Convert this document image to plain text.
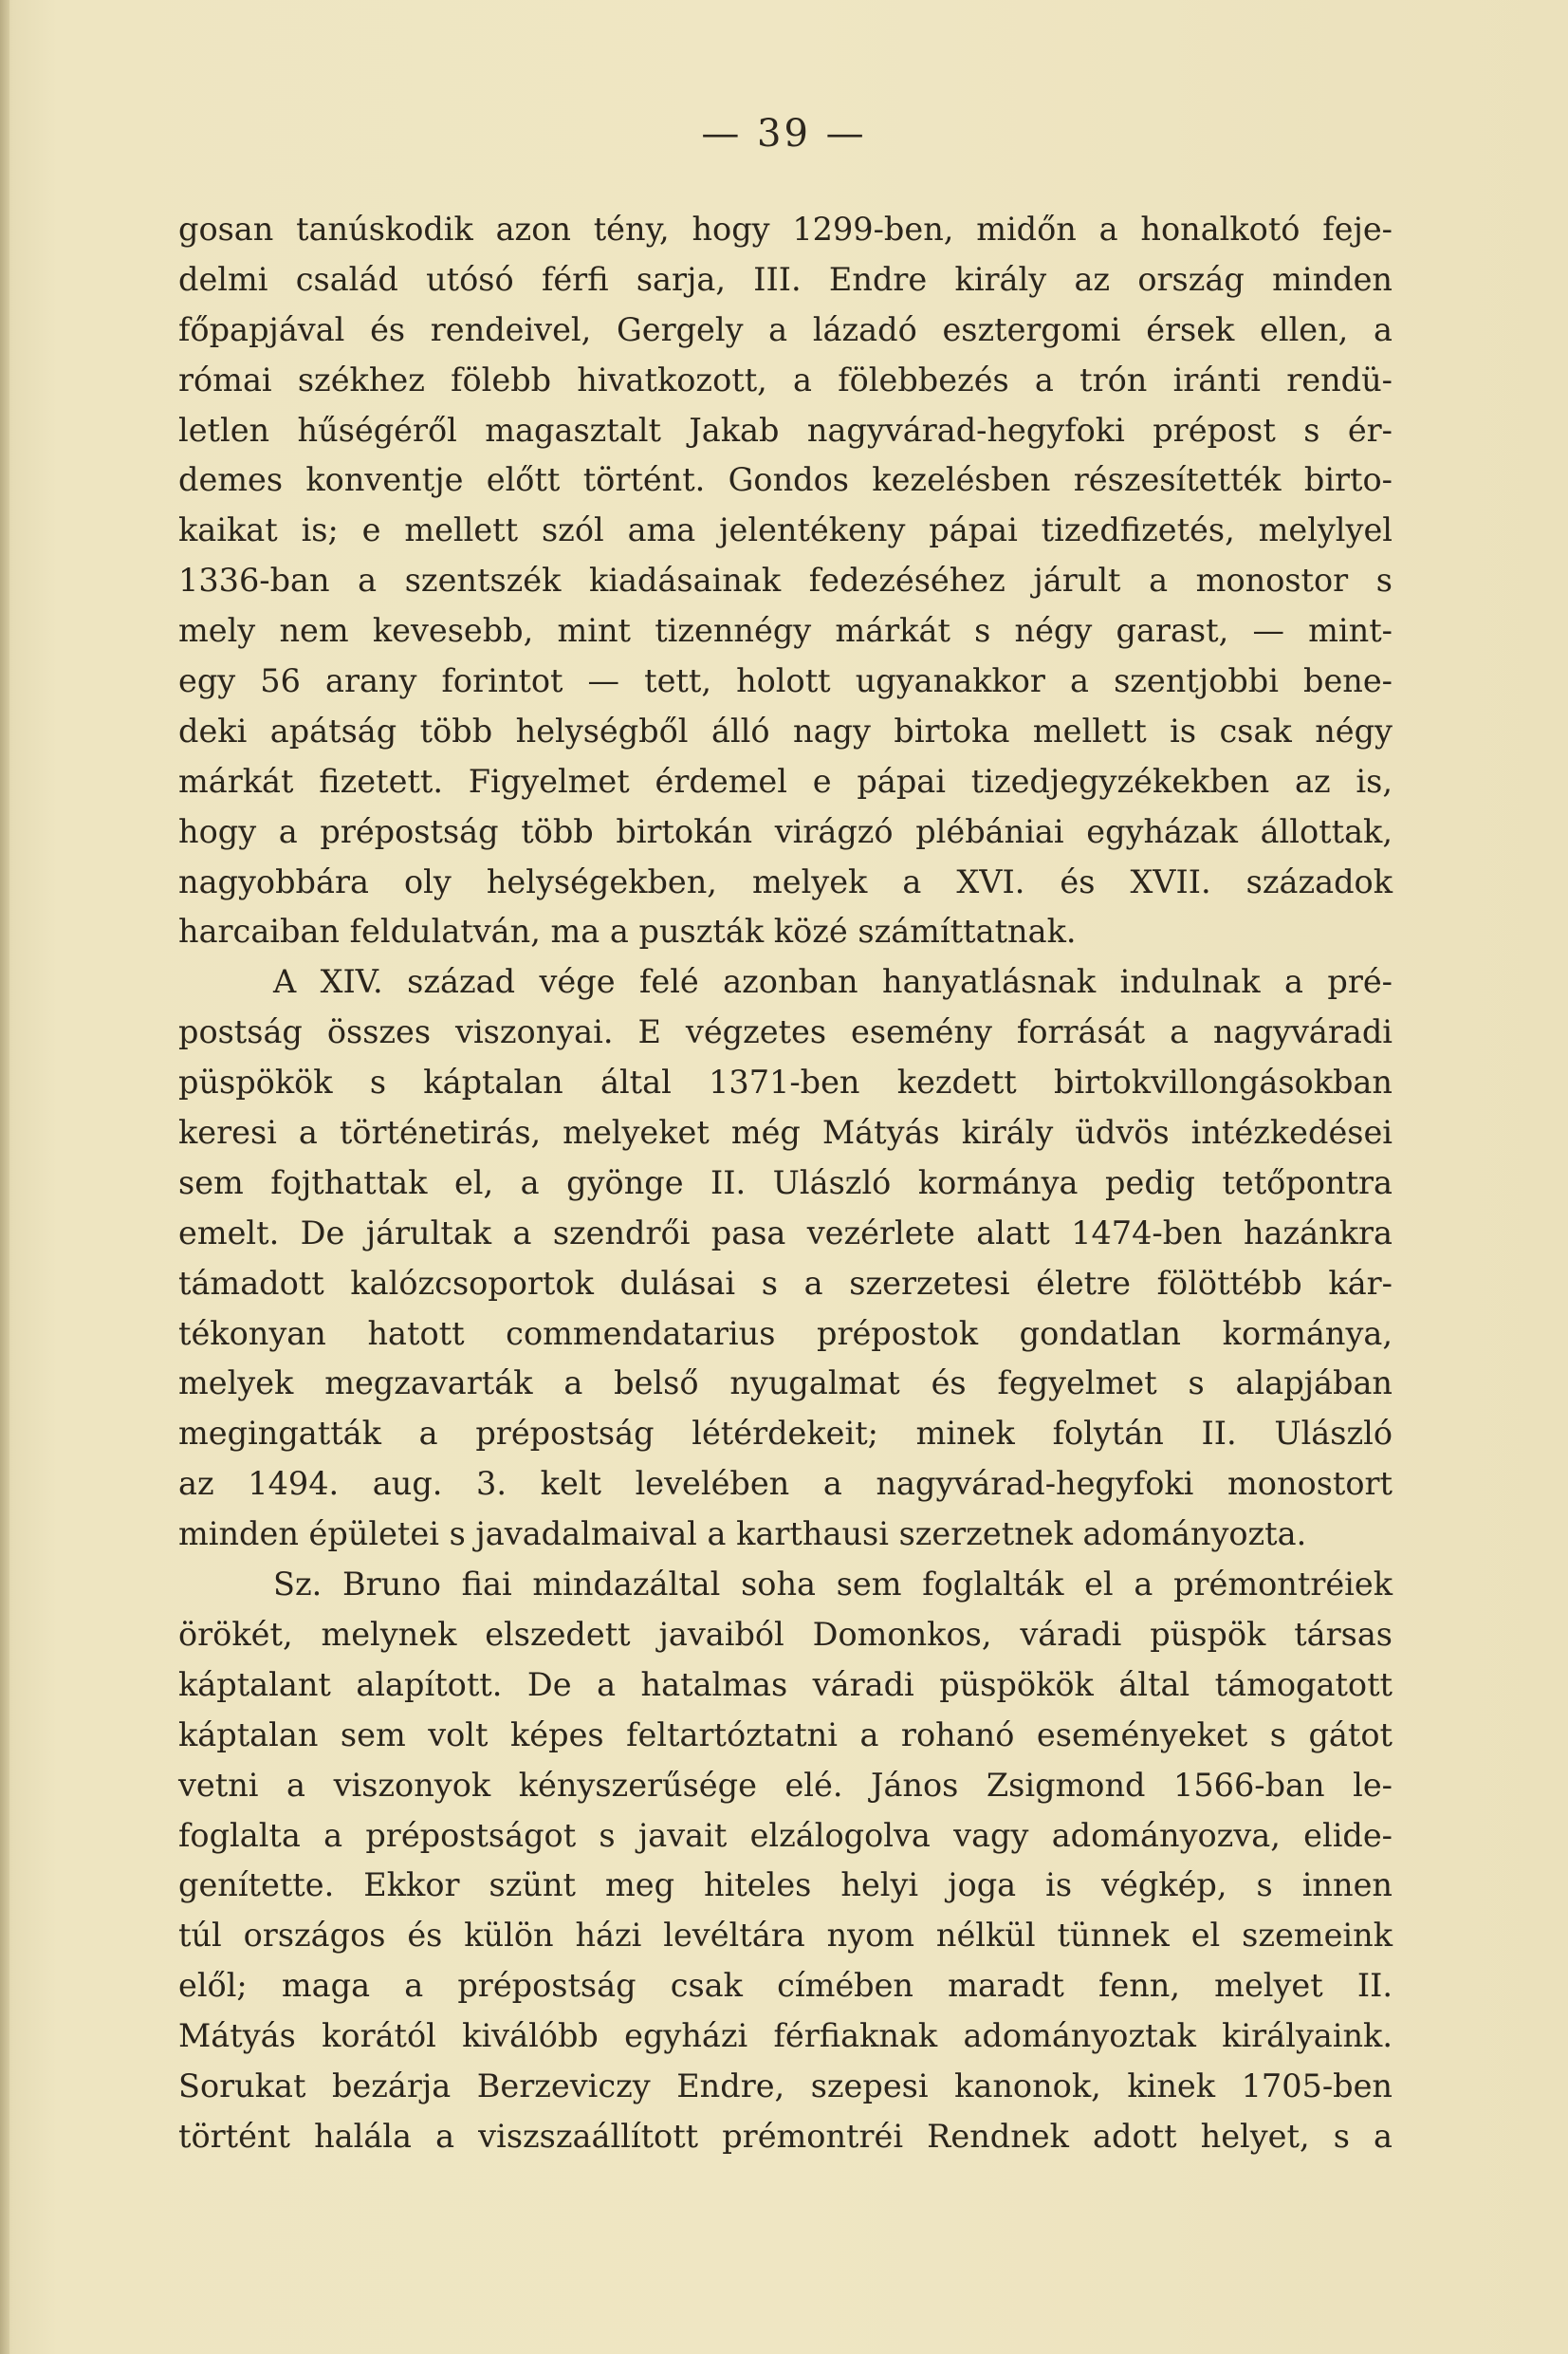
— 39 —
gosan tanúskodik azon tény, hogy 1299-ben, midőn a honalkotó feje-
delmi család utósó férfi sarja, III. Endre király az ország minden
főpapjával és rendeivel, Gergely a lázadó esztergomi érsek ellen, a
római székhez fölebb hivatkozott, a fölebbezés a trón iránti rendü-
letlen hűségéről magasztalt Jakab nagyvárad-hegyfoki prépost s ér-
demes konventje előtt történt. Gondos kezelésben részesítették birto-
kaikat is; e mellett szól ama jelentékeny pápai tizedfizetés, melylyel
1336-ban a szentszék kiadásainak fedezéséhez járult a monostor s
mely nem kevesebb, mint tizennégy márkát s négy garast, — mint-
egy 56 arany forintot — tett, holott ugyanakkor a szentjobbi bene-
deki apátság több helységből álló nagy birtoka mellett is csak négy
márkát fizetett. Figyelmet érdemel e pápai tizedjegyzékekben az is,
hogy a prépostság több birtokán virágzó plébániai egyházak állottak,
nagyobbára oly helységekben, melyek a XVI. és XVII. századok
harcaiban feldulatván, ma a puszták közé számíttatnak.
A XIV. század vége felé azonban hanyatlásnak indulnak a pré-
postság összes viszonyai. E végzetes esemény forrását a nagyváradi
püspökök s káptalan által 1371-ben kezdett birtokvillongásokban
keresi a történetirás, melyeket még Mátyás király üdvös intézkedései
sem fojthattak el, a gyönge II. Ulászló kormánya pedig tetőpontra
emelt. De járultak a szendrői pasa vezérlete alatt 1474-ben hazánkra
támadott kalózcsoportok dulásai s a szerzetesi életre fölöttébb kár-
tékonyan hatott commendatarius prépostok gondatlan kormánya,
melyek megzavarták a belső nyugalmat és fegyelmet s alapjában
megingatták a prépostság létérdekeit; minek folytán II. Ulászló
az 1494. aug. 3. kelt levelében a nagyvárad-hegyfoki monostort
minden épületei s javadalmaival a karthausi szerzetnek adományozta.
Sz. Bruno fiai mindazáltal soha sem foglalták el a prémontréiek
örökét, melynek elszedett javaiból Domonkos, váradi püspök társas
káptalant alapított. De a hatalmas váradi püspökök által támogatott
káptalan sem volt képes feltartóztatni a rohanó eseményeket s gátot
vetni a viszonyok kényszerűsége elé. János Zsigmond 1566-ban le-
foglalta a prépostságot s javait elzálogolva vagy adományozva, elide-
genítette. Ekkor szünt meg hiteles helyi joga is végkép, s innen
túl országos és külön házi levéltára nyom nélkül tünnek el szemeink
elől; maga a prépostság csak címében maradt fenn, melyet II.
Mátyás korától kiválóbb egyházi férfiaknak adományoztak királyaink.
Sorukat bezárja Berzeviczy Endre, szepesi kanonok, kinek 1705-ben
történt halála a viszszaállított prémontréi Rendnek adott helyet, s a
